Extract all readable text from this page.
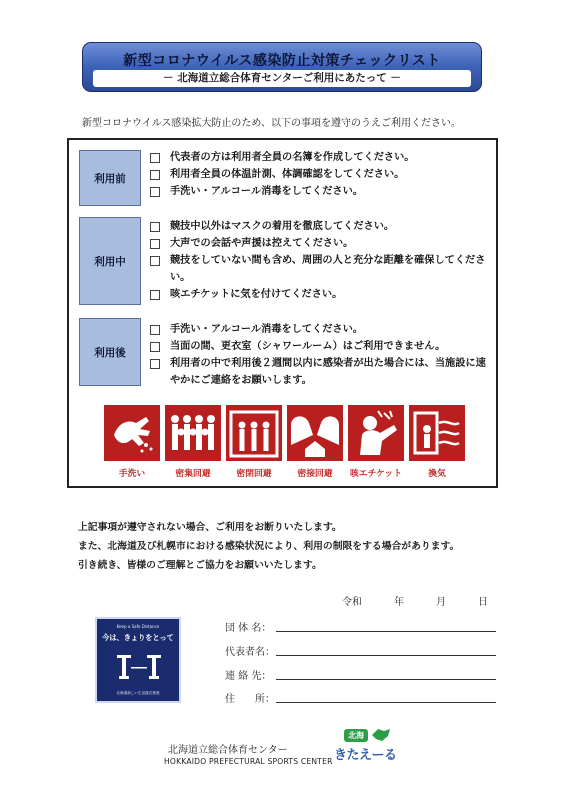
新型コロナウイルス感染防止対策チェックリスト
－ 北海道立総合体育センターご利用にあたって －
新型コロナウイルス感染拡大防止のため、以下の事項を遵守のうえご利用ください。
利用前
代表者の方は利用者全員の名簿を作成してください。
利用者全員の体温計測、体調確認をしてください。
手洗い・アルコール消毒をしてください。
利用中
競技中以外はマスクの着用を徹底してください。
大声での会話や声援は控えてください。
競技をしていない間も含め、周囲の人と充分な距離を確保してください。
咳エチケットに気を付けてください。
利用後
手洗い・アルコール消毒をしてください。
当面の間、更衣室（シャワールーム）はご利用できません。
利用者の中で利用後２週間以内に感染者が出た場合には、当施設に速やかにご連絡をお願いします。
手洗い	密集回避	密閉回避	密接回避	咳エチケット	換気
上記事項が遵守されない場合、ご利用をお断りいたします。
また、北海道及び札幌市における感染状況により、利用の制限をする場合があります。
引き続き、皆様のご理解とご協力をお願いいたします。
令和	年	月	日
団 体 名：
代表者名：
連 絡 先：
住　　所：
Keep a Safe Distance
今は、きょりをとって
北海道新しい生活様式推進
北海道立総合体育センター
HOKKAIDO PREFECTURAL SPORTS CENTER
北海
きたえーる
